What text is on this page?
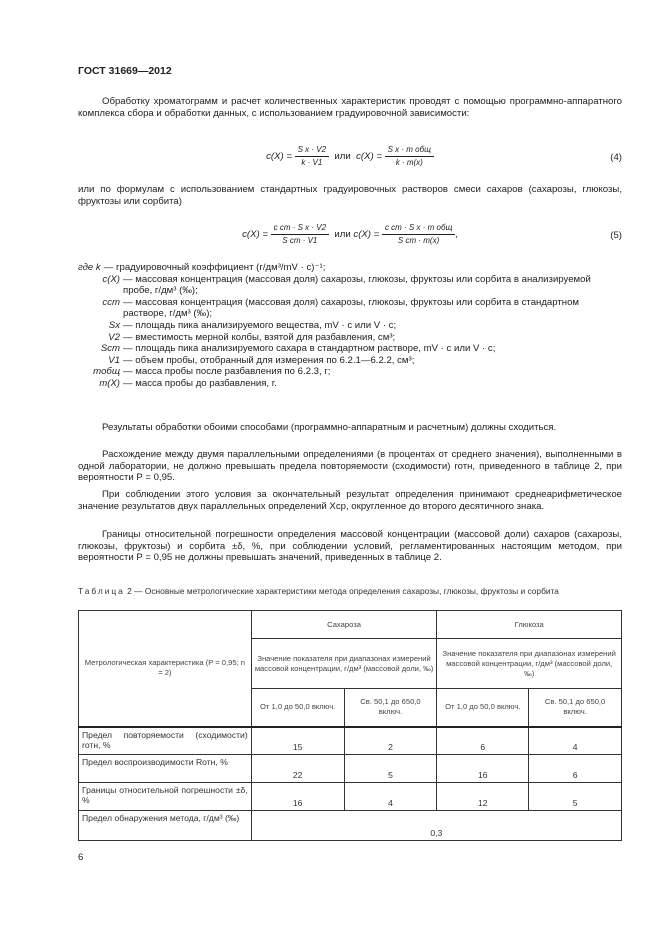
ГОСТ 31669—2012
Обработку хроматограмм и расчет количественных характеристик проводят с помощью программно-аппаратного комплекса сбора и обработки данных, с использованием градуировочной зависимости:
$c(X) = \frac{\text{S x · V2}}{k \cdot V1}$ или $c(X) = \frac{\text{S x · m общ}}{k \cdot m(x)}$	(4)
или по формулам с использованием стандартных градуировочных растворов смеси сахаров (сахарозы, глюкозы, фруктозы или сорбита)
$c(X) = \frac{\text{c ст · S x · V2}}{\text{S ст · V1}}$ или $c(X) = \frac{\text{c ст · S x · m общ}}{\text{S ст · m(x)}}$ ,	(5)
где k — градуировочный коэффициент (г/дм³/mV · с)⁻¹;
c(X) — массовая концентрация (массовая доля) сахарозы, глюкозы, фруктозы или сорбита в анализируемой пробе, г/дм³ (‰);
cст — массовая концентрация (массовая доля) сахарозы, глюкозы, фруктозы или сорбита в стандартном растворе, г/дм³ (‰);
Sx — площадь пика анализируемого вещества, mV · с или V · с;
V2 — вместимость мерной колбы, взятой для разбавления, см³;
Sст — площадь пика анализируемого сахара в стандартном растворе, mV · с или V · с;
V1 — объем пробы, отобранный для измерения по 6.2.1—6.2.2, см³;
mобщ — масса пробы после разбавления по 6.2.3, г;
m(X) — масса пробы до разбавления, г.
Результаты обработки обоими способами (программно-аппаратным и расчетным) должны сходиться.
Расхождение между двумя параллельными определениями (в процентах от среднего значения), выполненными в одной лаборатории, не должно превышать предела повторяемости (сходимости) rотн, приведенного в таблице 2, при вероятности P = 0,95.
При соблюдении этого условия за окончательный результат определения принимают среднеарифметическое значение результатов двух параллельных определений Xср, округленное до второго десятичного знака.
Границы относительной погрешности определения массовой концентрации (массовой доли) сахаров (сахарозы, глюкозы, фруктозы) и сорбита ±δ, %, при соблюдении условий, регламентированных настоящим методом, при вероятности P = 0,95 не должны превышать значений, приведенных в таблице 2.
Таблица 2 — Основные метрологические характеристики метода определения сахарозы, глюкозы, фруктозы и сорбита
Метрологическая характеристика (P = 0,95; n = 2)	Сахароза		Глюкоза	
	Значение показателя при диапазонах измерений массовой концентрации, г/дм³ (массовой доли, ‰)		Значение показателя при диапазонах измерений массовой концентрации, г/дм³ (массовой доли, ‰)	
	От 1,0 до 50,0 включ.	Св. 50,1 до 650,0 включ.	От 1,0 до 50,0 включ.	Св. 50,1 до 650,0 включ.
Предел повторяемости (сходимости) rотн, %	15	2	6	4
Предел воспроизводимости Rотн, %	22	5	16	6
Границы относительной погрешности ±δ, %	16	4	12	5
Предел обнаружения метода, г/дм³ (‰)	0,3			
6
